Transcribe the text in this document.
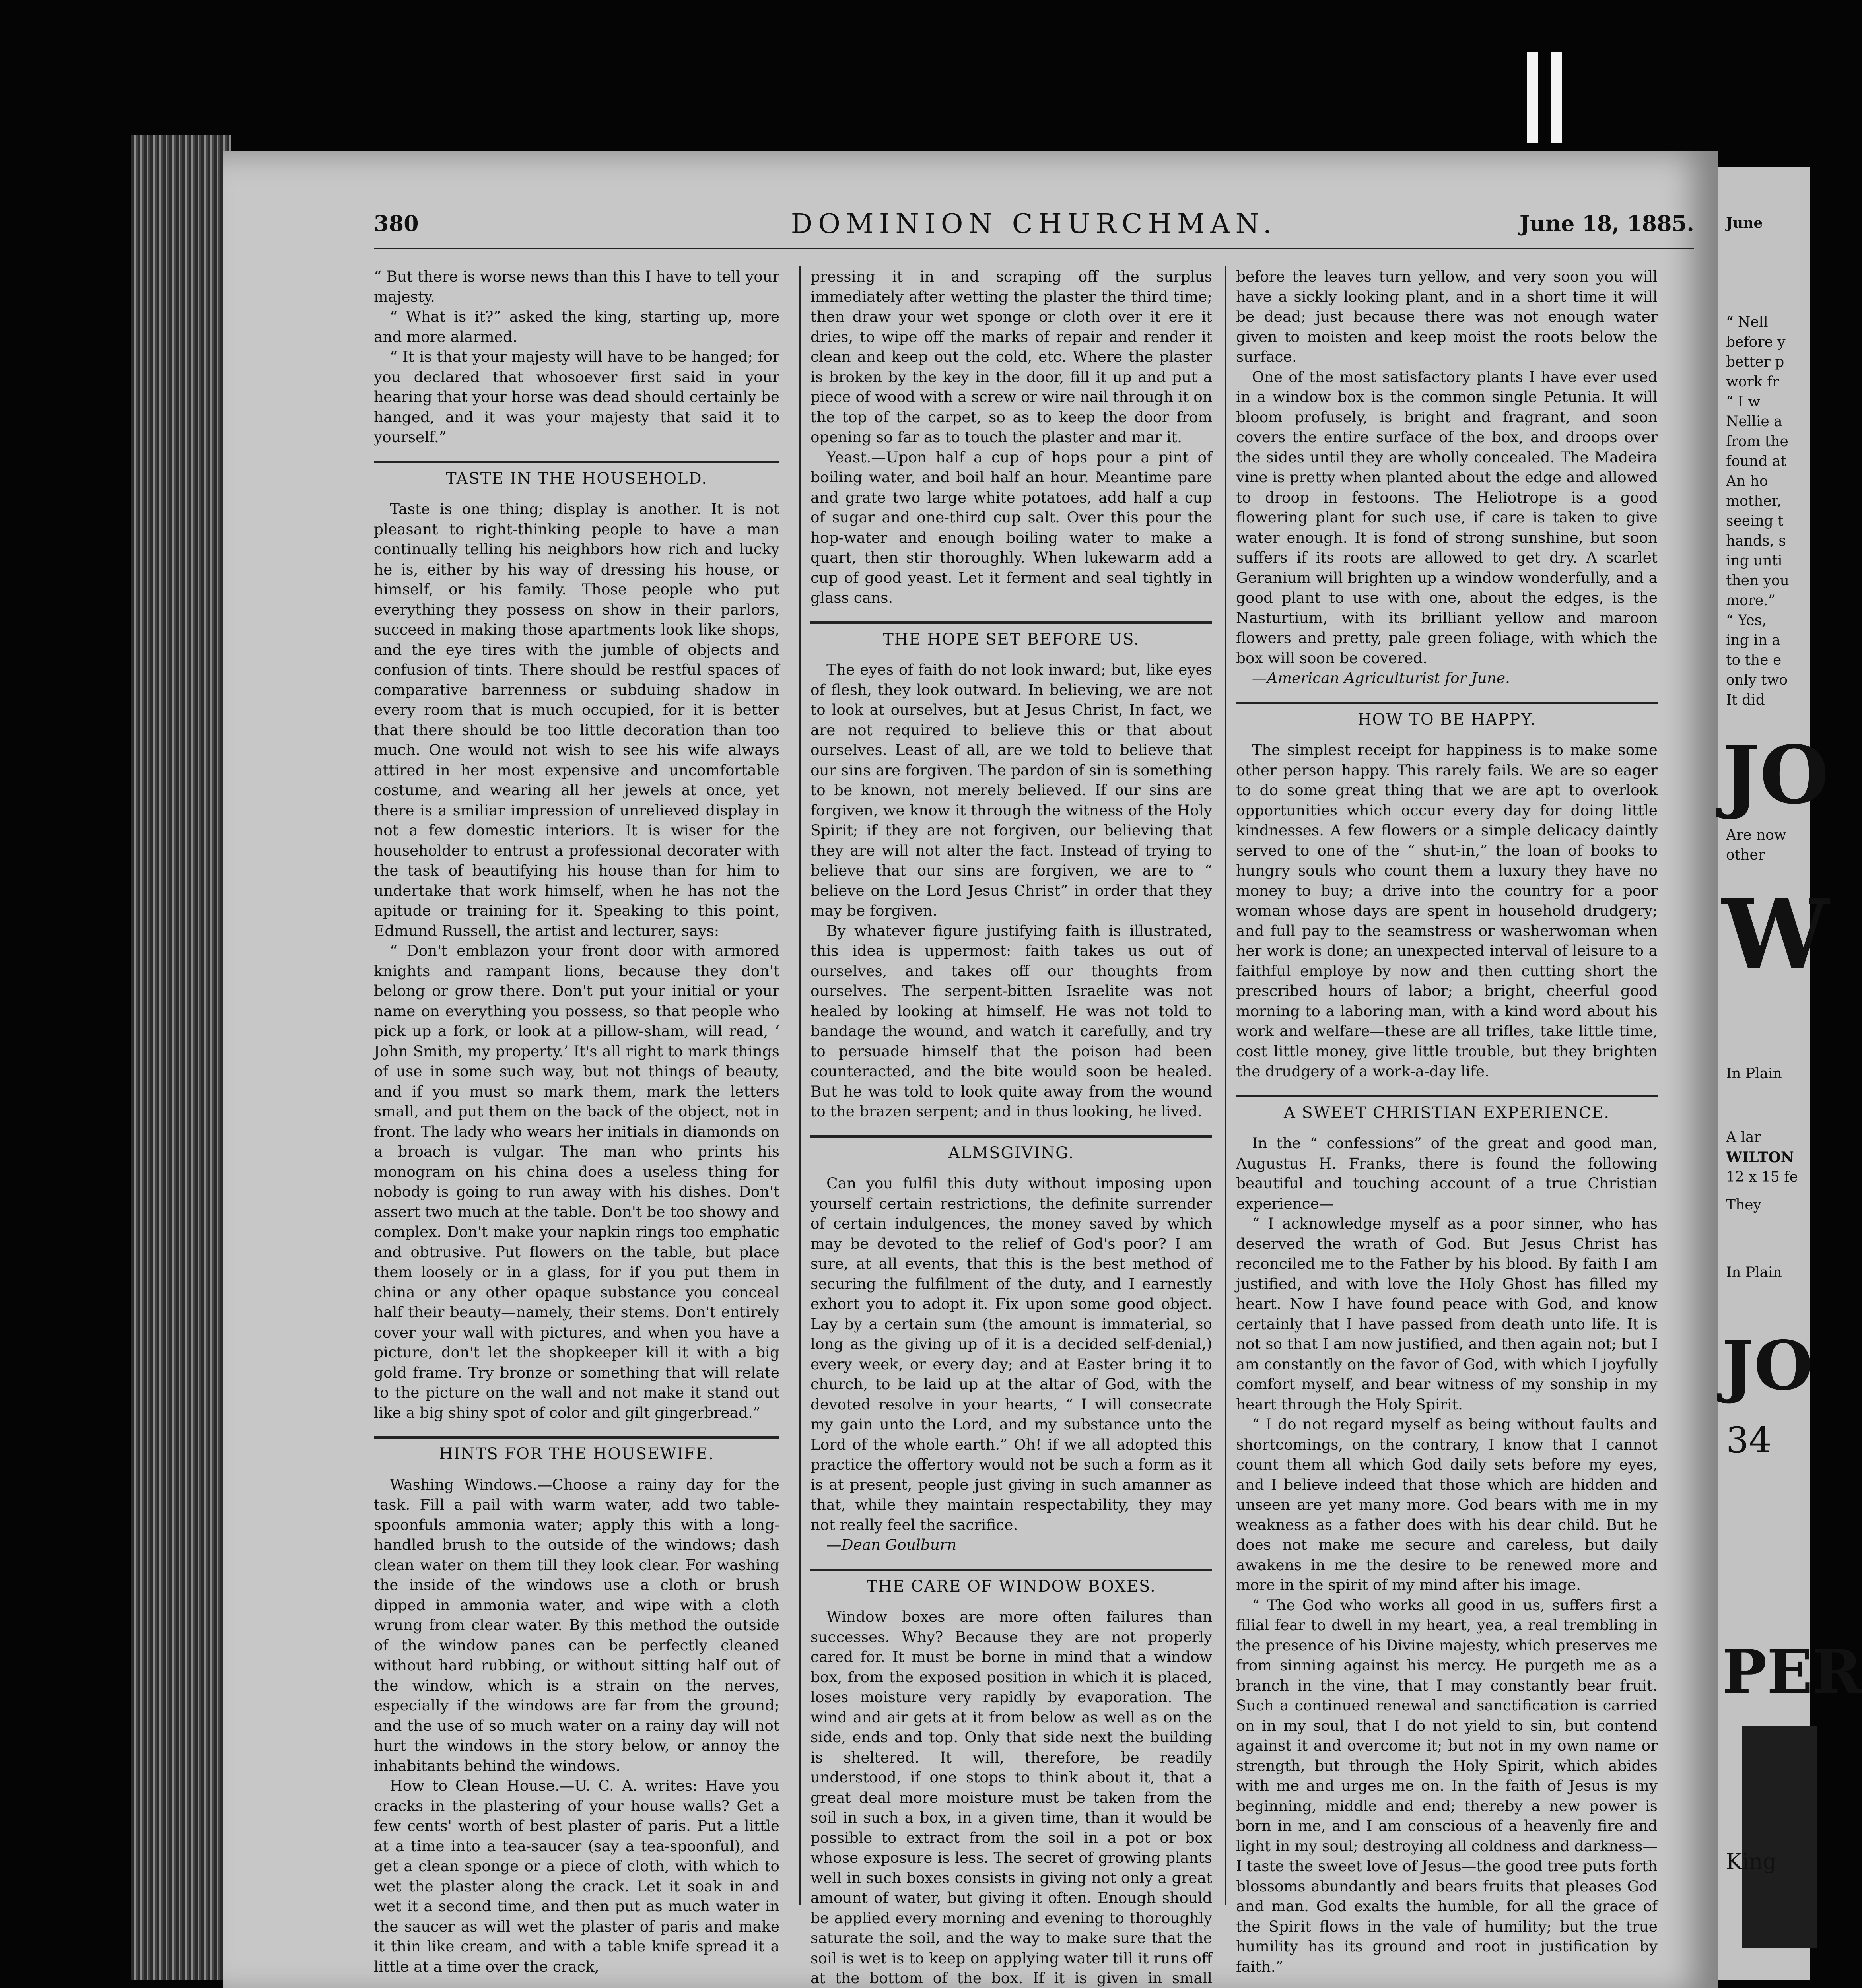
380	DOMINION CHURCHMAN.	June 18, 1885.

“ But there is worse news than this I have to tell your majesty.

“ What is it?” asked the king, starting up, more and more alarmed.

“ It is that your majesty will have to be hanged; for you declared that whosoever first said in your hearing that your horse was dead should certainly be hanged, and it was your majesty that said it to yourself.”

TASTE IN THE HOUSEHOLD.

Taste is one thing; display is another. It is not pleasant to right-thinking people to have a man continually telling his neighbors how rich and lucky he is, either by his way of dressing his house, or himself, or his family. Those people who put everything they possess on show in their parlors, succeed in making those apartments look like shops, and the eye tires with the jumble of objects and confusion of tints. There should be restful spaces of comparative barrenness or subduing shadow in every room that is much occupied, for it is better that there should be too little decoration than too much. One would not wish to see his wife always attired in her most expensive and uncomfortable costume, and wearing all her jewels at once, yet there is a smiliar impression of unrelieved display in not a few domestic interiors. It is wiser for the householder to entrust a professional decorater with the task of beautifying his house than for him to undertake that work himself, when he has not the apitude or training for it. Speaking to this point, Edmund Russell, the artist and lecturer, says:

“ Don't emblazon your front door with armored knights and rampant lions, because they don't belong or grow there. Don't put your initial or your name on everything you possess, so that people who pick up a fork, or look at a pillow-sham, will read, ‘ John Smith, my property.’ It's all right to mark things of use in some such way, but not things of beauty, and if you must so mark them, mark the letters small, and put them on the back of the object, not in front. The lady who wears her initials in diamonds on a broach is vulgar. The man who prints his monogram on his china does a useless thing for nobody is going to run away with his dishes. Don't assert two much at the table. Don't be too showy and complex. Don't make your napkin rings too emphatic and obtrusive. Put flowers on the table, but place them loosely or in a glass, for if you put them in china or any other opaque substance you conceal half their beauty—namely, their stems. Don't entirely cover your wall with pictures, and when you have a picture, don't let the shopkeeper kill it with a big gold frame. Try bronze or something that will relate to the picture on the wall and not make it stand out like a big shiny spot of color and gilt gingerbread.”

HINTS FOR THE HOUSEWIFE.

Washing Windows.—Choose a rainy day for the task. Fill a pail with warm water, add two table-spoonfuls ammonia water; apply this with a long-handled brush to the outside of the windows; dash clean water on them till they look clear. For washing the inside of the windows use a cloth or brush dipped in ammonia water, and wipe with a cloth wrung from clear water. By this method the outside of the window panes can be perfectly cleaned without hard rubbing, or without sitting half out of the window, which is a strain on the nerves, especially if the windows are far from the ground; and the use of so much water on a rainy day will not hurt the windows in the story below, or annoy the inhabitants behind the windows.

How to Clean House.—U. C. A. writes: Have you cracks in the plastering of your house walls? Get a few cents' worth of best plaster of paris. Put a little at a time into a tea-saucer (say a tea-spoonful), and get a clean sponge or a piece of cloth, with which to wet the plaster along the crack. Let it soak in and wet it a second time, and then put as much water in the saucer as will wet the plaster of paris and make it thin like cream, and with a table knife spread it a little at a time over the crack,

pressing it in and scraping off the surplus immediately after wetting the plaster the third time; then draw your wet sponge or cloth over it ere it dries, to wipe off the marks of repair and render it clean and keep out the cold, etc. Where the plaster is broken by the key in the door, fill it up and put a piece of wood with a screw or wire nail through it on the top of the carpet, so as to keep the door from opening so far as to touch the plaster and mar it.

Yeast.—Upon half a cup of hops pour a pint of boiling water, and boil half an hour. Meantime pare and grate two large white potatoes, add half a cup of sugar and one-third cup salt. Over this pour the hop-water and enough boiling water to make a quart, then stir thoroughly. When lukewarm add a cup of good yeast. Let it ferment and seal tightly in glass cans.

THE HOPE SET BEFORE US.

The eyes of faith do not look inward; but, like eyes of flesh, they look outward. In believing, we are not to look at ourselves, but at Jesus Christ, In fact, we are not required to believe this or that about ourselves. Least of all, are we told to believe that our sins are forgiven. The pardon of sin is something to be known, not merely believed. If our sins are forgiven, we know it through the witness of the Holy Spirit; if they are not forgiven, our believing that they are will not alter the fact. Instead of trying to believe that our sins are forgiven, we are to “ believe on the Lord Jesus Christ” in order that they may be forgiven.

By whatever figure justifying faith is illustrated, this idea is uppermost: faith takes us out of ourselves, and takes off our thoughts from ourselves. The serpent-bitten Israelite was not healed by looking at himself. He was not told to bandage the wound, and watch it carefully, and try to persuade himself that the poison had been counteracted, and the bite would soon be healed. But he was told to look quite away from the wound to the brazen serpent; and in thus looking, he lived.

ALMSGIVING.

Can you fulfil this duty without imposing upon yourself certain restrictions, the definite surrender of certain indulgences, the money saved by which may be devoted to the relief of God's poor? I am sure, at all events, that this is the best method of securing the fulfilment of the duty, and I earnestly exhort you to adopt it. Fix upon some good object. Lay by a certain sum (the amount is immaterial, so long as the giving up of it is a decided self-denial,) every week, or every day; and at Easter bring it to church, to be laid up at the altar of God, with the devoted resolve in your hearts, “ I will consecrate my gain unto the Lord, and my substance unto the Lord of the whole earth.” Oh! if we all adopted this practice the offertory would not be such a form as it is at present, people just giving in such amanner as that, while they maintain respectability, they may not really feel the sacrifice.

—Dean Goulburn

THE CARE OF WINDOW BOXES.

Window boxes are more often failures than successes. Why? Because they are not properly cared for. It must be borne in mind that a window box, from the exposed position in which it is placed, loses moisture very rapidly by evaporation. The wind and air gets at it from below as well as on the side, ends and top. Only that side next the building is sheltered. It will, therefore, be readily understood, if one stops to think about it, that a great deal more moisture must be taken from the soil in such a box, in a given time, than it would be possible to extract from the soil in a pot or box whose exposure is less. The secret of growing plants well in such boxes consists in giving not only a great amount of water, but giving it often. Enough should be applied every morning and evening to thoroughly saturate the soil, and the way to make sure that the soil is wet is to keep on applying water till it runs off at the bottom of the box. If it is given in small

before the leaves turn yellow, and very soon you will have a sickly looking plant, and in a short time it will be dead; just because there was not enough water given to moisten and keep moist the roots below the surface.

One of the most satisfactory plants I have ever used in a window box is the common single Petunia. It will bloom profusely, is bright and fragrant, and soon covers the entire surface of the box, and droops over the sides until they are wholly concealed. The Madeira vine is pretty when planted about the edge and allowed to droop in festoons. The Heliotrope is a good flowering plant for such use, if care is taken to give water enough. It is fond of strong sunshine, but soon suffers if its roots are allowed to get dry. A scarlet Geranium will brighten up a window wonderfully, and a good plant to use with one, about the edges, is the Nasturtium, with its brilliant yellow and maroon flowers and pretty, pale green foliage, with which the box will soon be covered.

—American Agriculturist for June.

HOW TO BE HAPPY.

The simplest receipt for happiness is to make some other person happy. This rarely fails. We are so eager to do some great thing that we are apt to overlook opportunities which occur every day for doing little kindnesses. A few flowers or a simple delicacy daintly served to one of the “ shut-in,” the loan of books to hungry souls who count them a luxury they have no money to buy; a drive into the country for a poor woman whose days are spent in household drudgery; and full pay to the seamstress or washerwoman when her work is done; an unexpected interval of leisure to a faithful employe by now and then cutting short the prescribed hours of labor; a bright, cheerful good morning to a laboring man, with a kind word about his work and welfare—these are all trifles, take little time, cost little money, give little trouble, but they brighten the drudgery of a work-a-day life.

A SWEET CHRISTIAN EXPERIENCE.

In the “ confessions” of the great and good man, Augustus H. Franks, there is found the following beautiful and touching account of a true Christian experience—

“ I acknowledge myself as a poor sinner, who has deserved the wrath of God. But Jesus Christ has reconciled me to the Father by his blood. By faith I am justified, and with love the Holy Ghost has filled my heart. Now I have found peace with God, and know certainly that I have passed from death unto life. It is not so that I am now justified, and then again not; but I am constantly on the favor of God, with which I joyfully comfort myself, and bear witness of my sonship in my heart through the Holy Spirit.

“ I do not regard myself as being without faults and shortcomings, on the contrary, I know that I cannot count them all which God daily sets before my eyes, and I believe indeed that those which are hidden and unseen are yet many more. God bears with me in my weakness as a father does with his dear child. But he does not make me secure and careless, but daily awakens in me the desire to be renewed more and more in the spirit of my mind after his image.

“ The God who works all good in us, suffers first a filial fear to dwell in my heart, yea, a real trembling in the presence of his Divine majesty, which preserves me from sinning against his mercy. He purgeth me as a branch in the vine, that I may constantly bear fruit. Such a continued renewal and sanctification is carried on in my soul, that I do not yield to sin, but contend against it and overcome it; but not in my own name or strength, but through the Holy Spirit, which abides with me and urges me on. In the faith of Jesus is my beginning, middle and end; thereby a new power is born in me, and I am conscious of a heavenly fire and light in my soul; destroying all coldness and darkness—I taste the sweet love of Jesus—the good tree puts forth blossoms abundantly and bears fruits that pleases God and man. God exalts the humble, for all the grace of the Spirit flows in the vale of humility; but the true humility has its ground and root in justification by faith.”

June
“ Nell
before y
better p
work fr
“ I w
Nellie a
from the
found at
An ho
mother,
seeing t
hands, s
ing unti
then you
more.”
“ Yes,
ing in a
to the e
only two
It did
JO
Are now
other
W
In Plain
A lar
WILTON
12 x 15 fe
They
In Plain
JO
34
PER
King
